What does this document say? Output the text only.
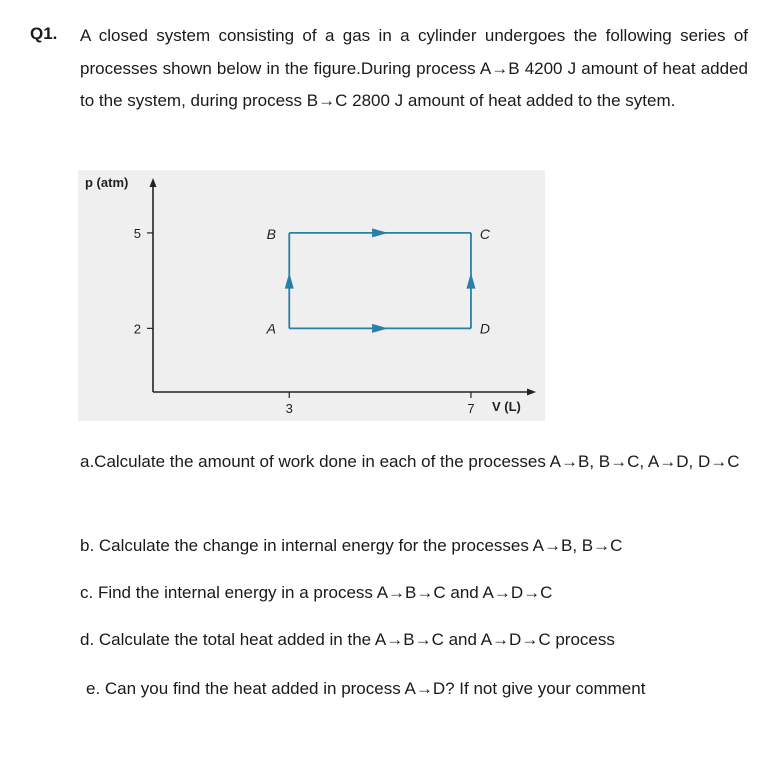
Q1. A closed system consisting of a gas in a cylinder undergoes the following series of processes shown below in the figure.During process A→B 4200 J amount of heat added to the system, during process B→C 2800 J amount of heat added to the sytem.
p (atm)
V (L)
2
5
3	7
A
B	C
D
a.Calculate the amount of work done in each of the processes A→B, B→C, A→D, D→C
b. Calculate the change in internal energy for the processes A→B, B→C
c. Find the internal energy in a process A→B→C and A→D→C
d. Calculate the total heat added in the A→B→C and A→D→C process
e. Can you find the heat added in process A→D? If not give your comment
